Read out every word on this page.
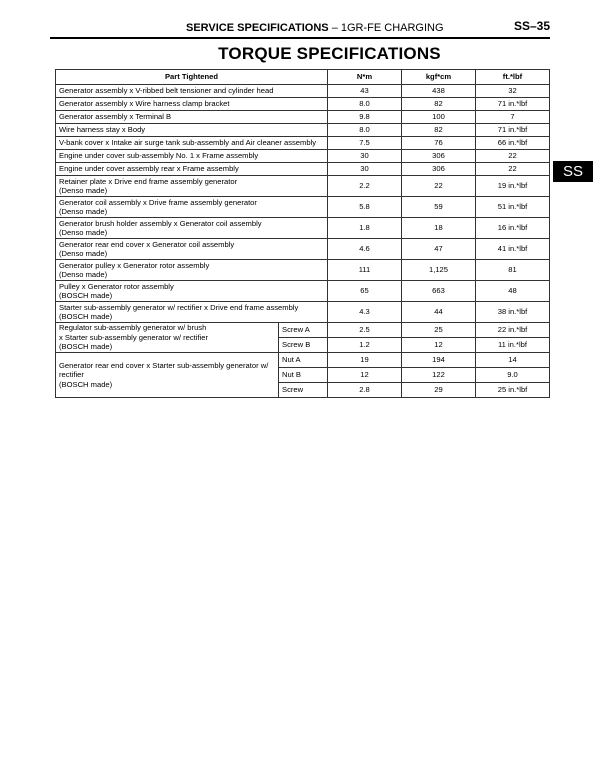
SERVICE SPECIFICATIONS – 1GR-FE CHARGING	SS–35
TORQUE SPECIFICATIONS
SS
Part Tightened		N*m	kgf*cm	ft.*lbf

Generator assembly x V-ribbed belt tensioner and cylinder head		43	438	32

Generator assembly x Wire harness clamp bracket		8.0	82	71 in.*lbf

Generator assembly x Terminal B		9.8	100	7

Wire harness stay x Body		8.0	82	71 in.*lbf

V-bank cover x Intake air surge tank sub-assembly and Air cleaner assembly		7.5	76	66 in.*lbf

Engine under cover sub-assembly No. 1 x Frame assembly		30	306	22

Engine under cover assembly rear x Frame assembly		30	306	22

Retainer plate x Drive end frame assembly generator
(Denso made)		2.2	22	19 in.*lbf

Generator coil assembly x Drive frame assembly generator
(Denso made)		5.8	59	51 in.*lbf

Generator brush holder assembly x Generator coil assembly
(Denso made)		1.8	18	16 in.*lbf

Generator rear end cover x Generator coil assembly
(Denso made)		4.6	47	41 in.*lbf

Generator pulley x Generator rotor assembly
(Denso made)		111	1,125	81

Pulley x Generator rotor assembly
(BOSCH made)		65	663	48

Starter sub-assembly generator w/ rectifier x Drive end frame assembly
(BOSCH made)		4.3	44	38 in.*lbf

Regulator sub-assembly generator w/ brush
x Starter sub-assembly generator w/ rectifier
(BOSCH made)	Screw A	2.5	25	22 in.*lbf
	Screw B	1.2	12	11 in.*lbf

Generator rear end cover x Starter sub-assembly generator w/
rectifier
(BOSCH made)	Nut A	19	194	14
	Nut B	12	122	9.0
	Screw	2.8	29	25 in.*lbf
